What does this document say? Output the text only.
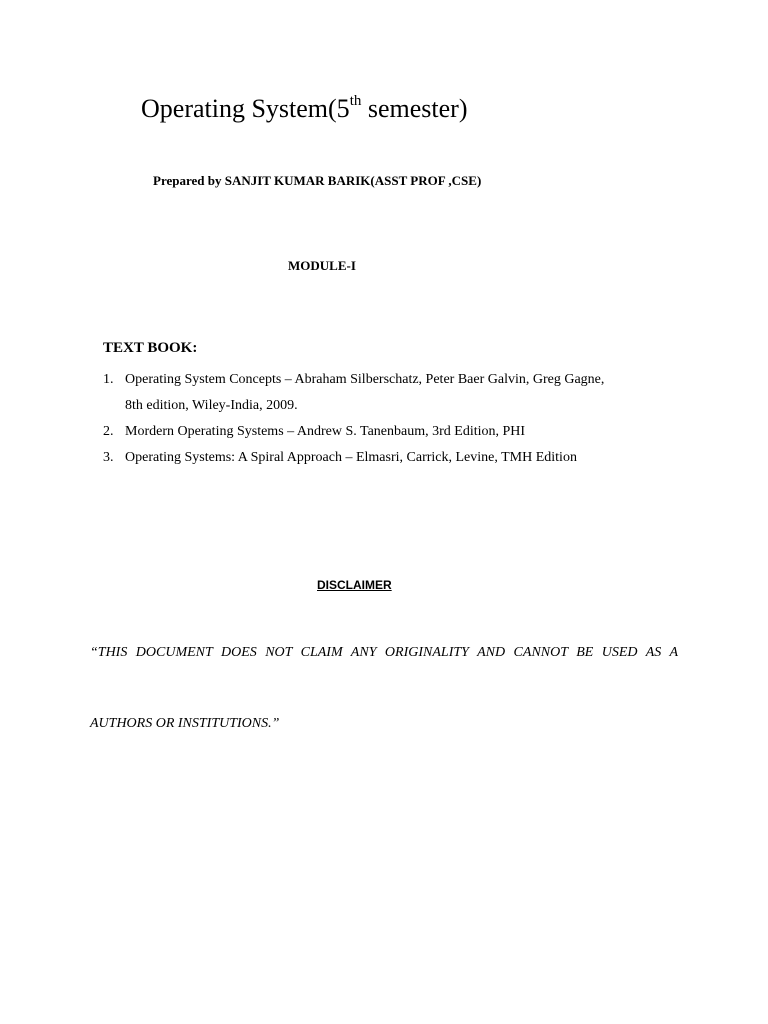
Operating System(5th semester)
Prepared by SANJIT KUMAR BARIK(ASST PROF ,CSE)
MODULE-I
TEXT BOOK:
1. Operating System Concepts – Abraham Silberschatz, Peter Baer Galvin, Greg Gagne, 8th edition, Wiley-India, 2009.
2. Mordern Operating Systems – Andrew S. Tanenbaum, 3rd Edition, PHI
3. Operating Systems: A Spiral Approach – Elmasri, Carrick, Levine, TMH Edition
DISCLAIMER
“THIS DOCUMENT DOES NOT CLAIM ANY ORIGINALITY AND CANNOT BE USED AS A
AUTHORS OR INSTITUTIONS.”
